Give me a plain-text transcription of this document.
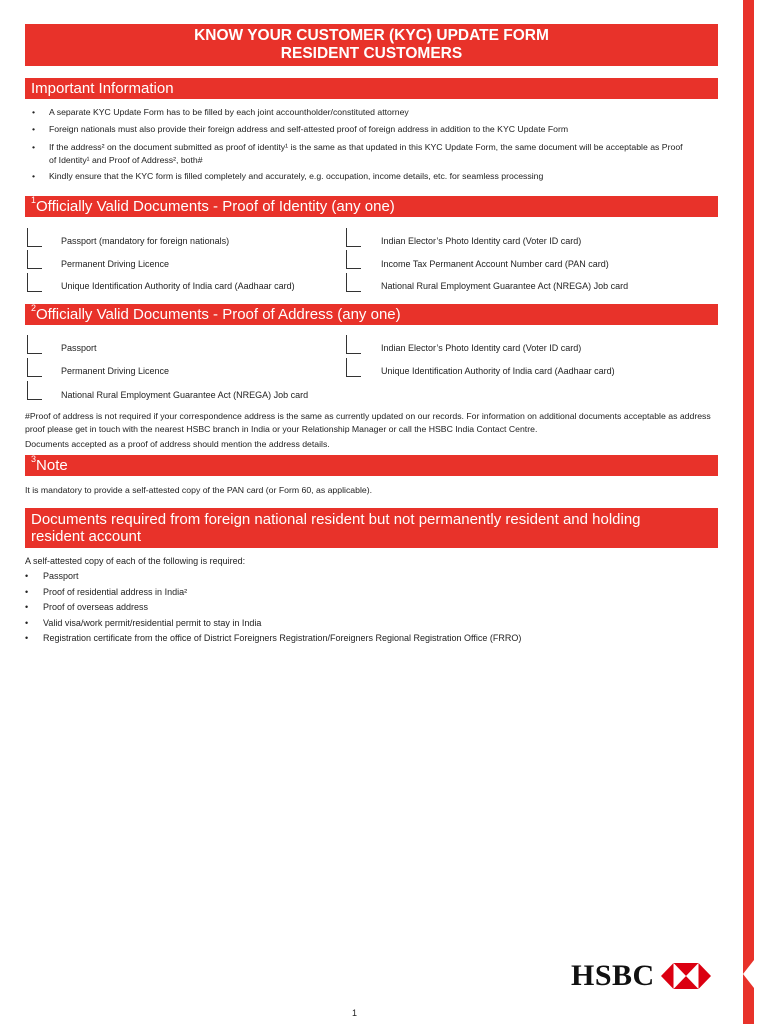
KNOW YOUR CUSTOMER (KYC) UPDATE FORM
RESIDENT CUSTOMERS
Important Information
• A separate KYC Update Form has to be filled by each joint accountholder/constituted attorney
• Foreign nationals must also provide their foreign address and self-attested proof of foreign address in addition to the KYC Update Form
• If the address² on the document submitted as proof of identity¹ is the same as that updated in this KYC Update Form, the same document will be acceptable as Proof of Identity¹ and Proof of Address², both#
• Kindly ensure that the KYC form is filled completely and accurately, e.g. occupation, income details, etc. for seamless processing
$^1$Officially Valid Documents - Proof of Identity (any one)
Passport (mandatory for foreign nationals)	Indian Elector’s Photo Identity card (Voter ID card)
Permanent Driving Licence	Income Tax Permanent Account Number card (PAN card)
Unique Identification Authority of India card (Aadhaar card)	National Rural Employment Guarantee Act (NREGA) Job card
$^2$Officially Valid Documents - Proof of Address (any one)
Passport	Indian Elector’s Photo Identity card (Voter ID card)
Permanent Driving Licence	Unique Identification Authority of India card (Aadhaar card)
National Rural Employment Guarantee Act (NREGA) Job card
#Proof of address is not required if your correspondence address is the same as currently updated on our records. For information on additional documents acceptable as address proof please get in touch with the nearest HSBC branch in India or your Relationship Manager or call the HSBC India Contact Centre.
Documents accepted as a proof of address should mention the address details.
$^3$Note
It is mandatory to provide a self-attested copy of the PAN card (or Form 60, as applicable).
Documents required from foreign national resident but not permanently resident and holding resident account
A self-attested copy of each of the following is required:
• Passport
• Proof of residential address in India²
• Proof of overseas address
• Valid visa/work permit/residential permit to stay in India
• Registration certificate from the office of District Foreigners Registration/Foreigners Regional Registration Office (FRRO)
HSBC
1
